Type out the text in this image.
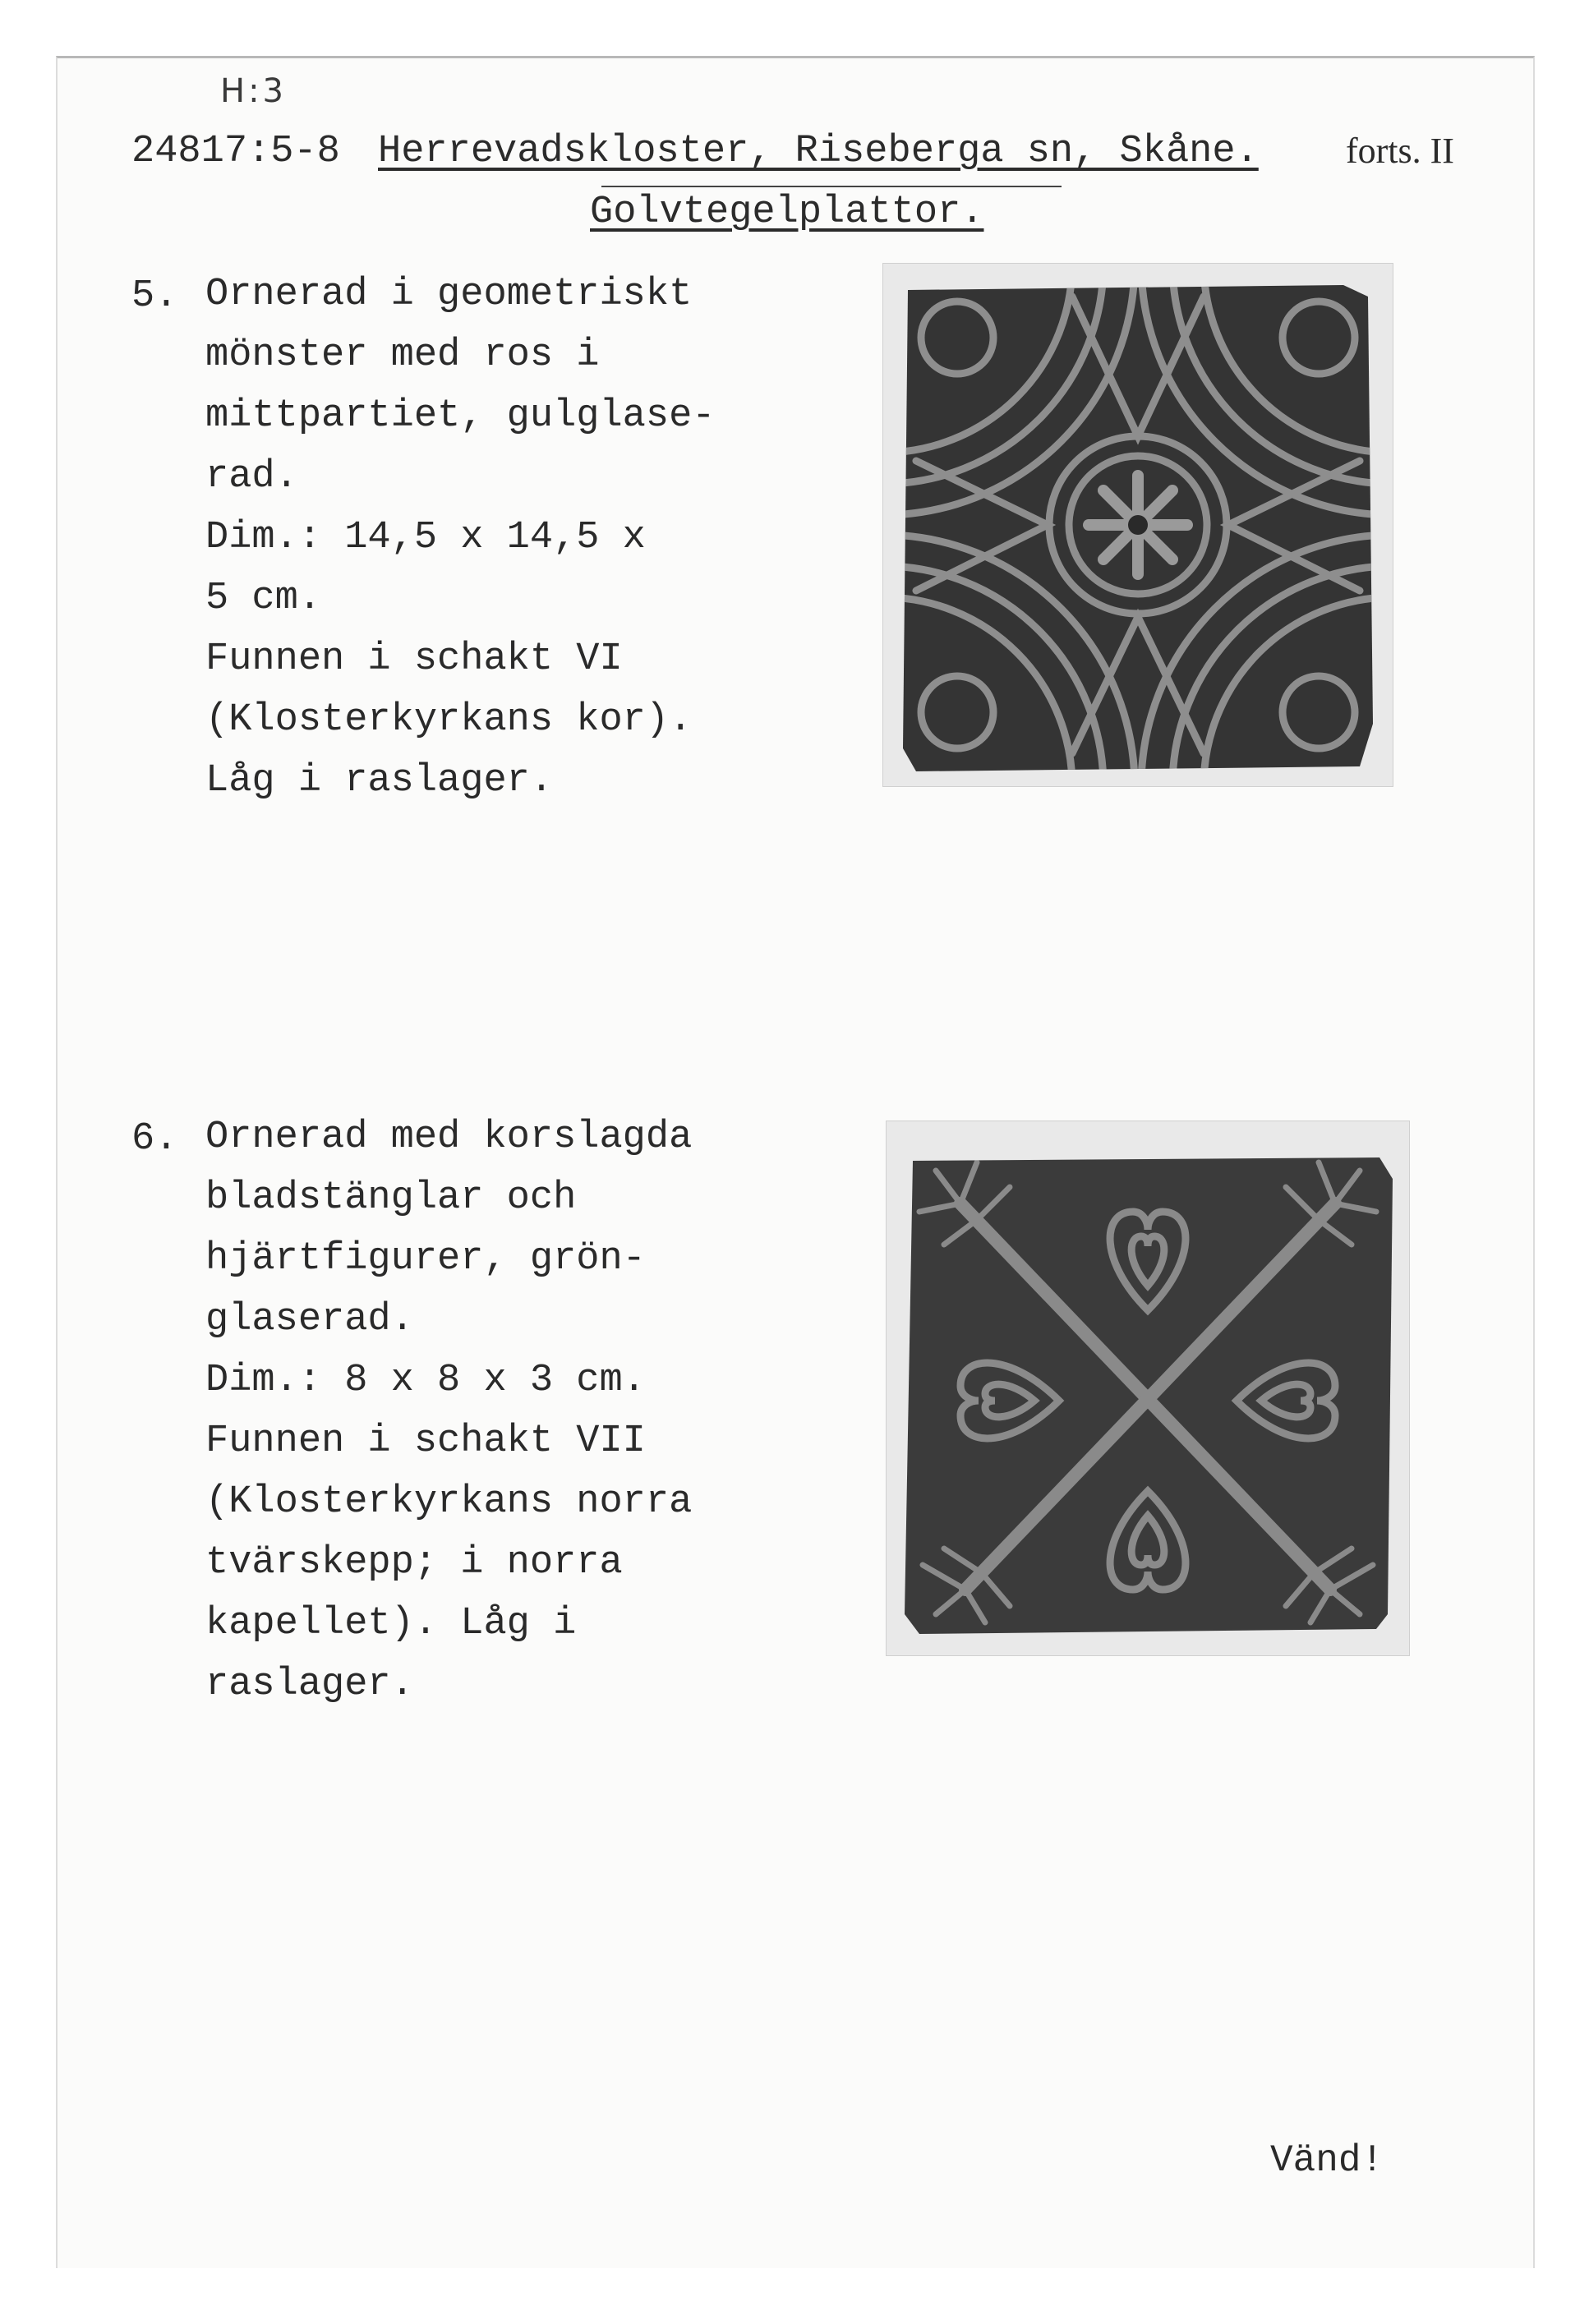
H:3
24817:5-8 Herrevadskloster, Riseberga sn, Skåne. forts. II
Golvtegelplattor.
5. Ornerad i geometriskt
mönster med ros i
mittpartiet, gulglase-
rad.
Dim.: 14,5 x 14,5 x
5 cm.
Funnen i schakt VI
(Klosterkyrkans kor).
Låg i raslager.
6. Ornerad med korslagda
bladstänglar och
hjärtfigurer, grön-
glaserad.
Dim.: 8 x 8 x 3 cm.
Funnen i schakt VII
(Klosterkyrkans norra
tvärskepp; i norra
kapellet). Låg i
raslager.
Vänd!
